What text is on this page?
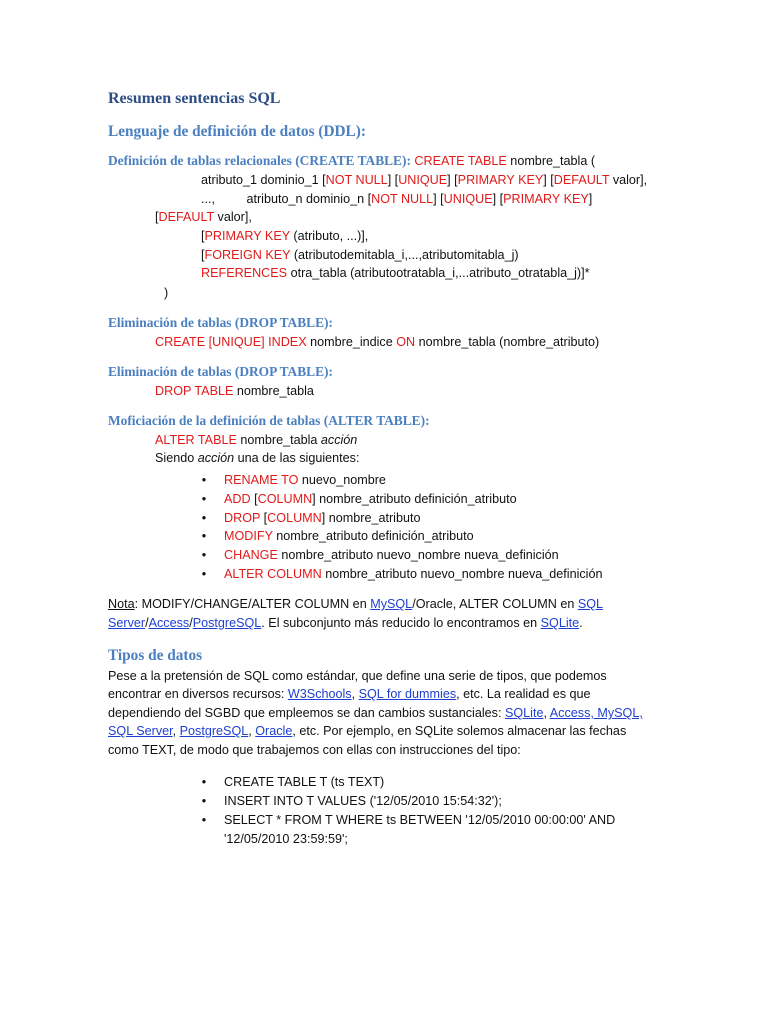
Resumen sentencias SQL
Lenguaje de definición de datos (DDL):
Definición de tablas relacionales (CREATE TABLE): CREATE TABLE nombre_tabla (
atributo_1 dominio_1 [NOT NULL] [UNIQUE] [PRIMARY KEY] [DEFAULT valor],
...,         atributo_n dominio_n [NOT NULL] [UNIQUE] [PRIMARY KEY]
[DEFAULT valor],
[PRIMARY KEY (atributo, ...)],
[FOREIGN KEY (atributodemitabla_i,...,atributomitabla_j)
REFERENCES otra_tabla (atributootratabla_i,...atributo_otratabla_j)]*
)
Eliminación de tablas (DROP TABLE):
CREATE [UNIQUE] INDEX nombre_indice ON nombre_tabla (nombre_atributo)
Eliminación de tablas (DROP TABLE):
DROP TABLE nombre_tabla
Moficiación de la definición de tablas (ALTER TABLE):
ALTER TABLE nombre_tabla acción
Siendo acción una de las siguientes:
• RENAME TO nuevo_nombre
• ADD [COLUMN] nombre_atributo definición_atributo
• DROP [COLUMN] nombre_atributo
• MODIFY nombre_atributo definición_atributo
• CHANGE nombre_atributo nuevo_nombre nueva_definición
• ALTER COLUMN nombre_atributo nuevo_nombre nueva_definición
Nota: MODIFY/CHANGE/ALTER COLUMN en MySQL/Oracle, ALTER COLUMN en SQL
Server/Access/PostgreSQL. El subconjunto más reducido lo encontramos en SQLite.
Tipos de datos
Pese a la pretensión de SQL como estándar, que define una serie de tipos, que podemos
encontrar en diversos recursos: W3Schools, SQL for dummies, etc. La realidad es que
dependiendo del SGBD que empleemos se dan cambios sustanciales: SQLite, Access, MySQL,
SQL Server, PostgreSQL, Oracle, etc. Por ejemplo, en SQLite solemos almacenar las fechas
como TEXT, de modo que trabajemos con ellas con instrucciones del tipo:
• CREATE TABLE T (ts TEXT)
• INSERT INTO T VALUES ('12/05/2010 15:54:32');
• SELECT * FROM T WHERE ts BETWEEN '12/05/2010 00:00:00' AND
'12/05/2010 23:59:59';
